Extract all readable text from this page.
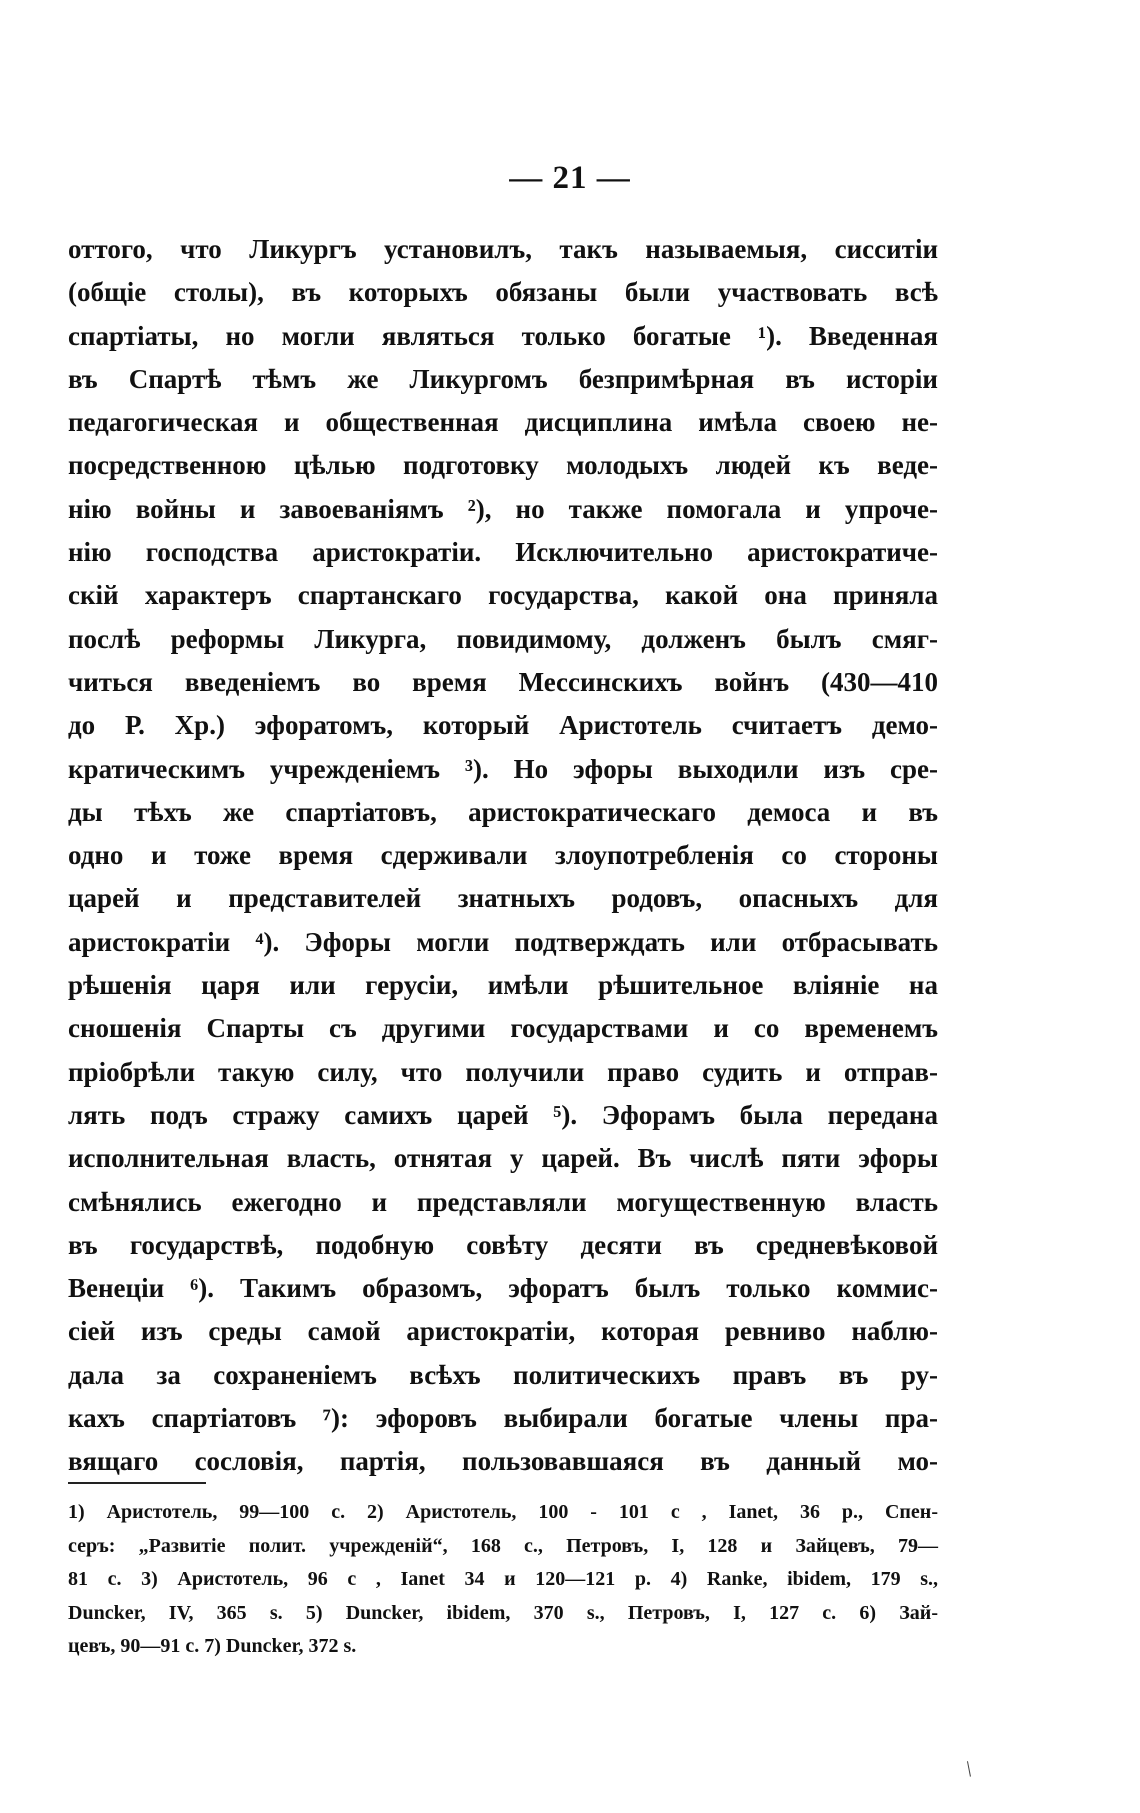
— 21 —
оттого, что Ликургъ установилъ, такъ называемыя, сисситіи
(общіе столы), въ которыхъ обязаны были участвовать всѣ
спартіаты, но могли являться только богатые ¹). Введенная
въ Спартѣ тѣмъ же Ликургомъ безпримѣрная въ исторіи
педагогическая и общественная дисциплина имѣла своею не-
посредственною цѣлью подготовку молодыхъ людей къ веде-
нію войны и завоеваніямъ ²), но также помогала и упроче-
нію господства аристократіи. Исключительно аристократиче-
скій характеръ спартанскаго государства, какой она приняла
послѣ реформы Ликурга, повидимому, долженъ былъ смяг-
читься введеніемъ во время Мессинскихъ войнъ (430—410
до Р. Хр.) эфоратомъ, который Аристотель считаетъ демо-
кратическимъ учрежденіемъ ³). Но эфоры выходили изъ сре-
ды тѣхъ же спартіатовъ, аристократическаго демоса и въ
одно и тоже время сдерживали злоупотребленія со стороны
царей и представителей знатныхъ родовъ, опасныхъ для
аристократіи ⁴). Эфоры могли подтверждать или отбрасывать
рѣшенія царя или герусіи, имѣли рѣшительное вліяніе на
сношенія Спарты съ другими государствами и со временемъ
пріобрѣли такую силу, что получили право судить и отправ-
лять подъ стражу самихъ царей ⁵). Эфорамъ была передана
исполнительная власть, отнятая у царей. Въ числѣ пяти эфоры
смѣнялись ежегодно и представляли могущественную власть
въ государствѣ, подобную совѣту десяти въ средневѣковой
Венеціи ⁶). Такимъ образомъ, эфоратъ былъ только коммис-
сіей изъ среды самой аристократіи, которая ревниво наблю-
дала за сохраненіемъ всѣхъ политическихъ правъ въ ру-
кахъ спартіатовъ ⁷): эфоровъ выбирали богатые члены пра-
вящаго сословія, партія, пользовавшаяся въ данный мо-
1) Аристотель, 99—100 с. 2) Аристотель, 100 - 101 с , Ianet, 36 p., Спен-
серъ: „Развитіе полит. учрежденій“, 168 с., Петровъ, I, 128 и Зайцевъ, 79—
81 с. 3) Аристотель, 96 с , Ianet 34 и 120—121 p. 4) Ranke, ibidem, 179 s.,
Duncker, IV, 365 s. 5) Duncker, ibidem, 370 s., Петровъ, I, 127 с. 6) Зай-
цевъ, 90—91 с. 7) Duncker, 372 s.
/
